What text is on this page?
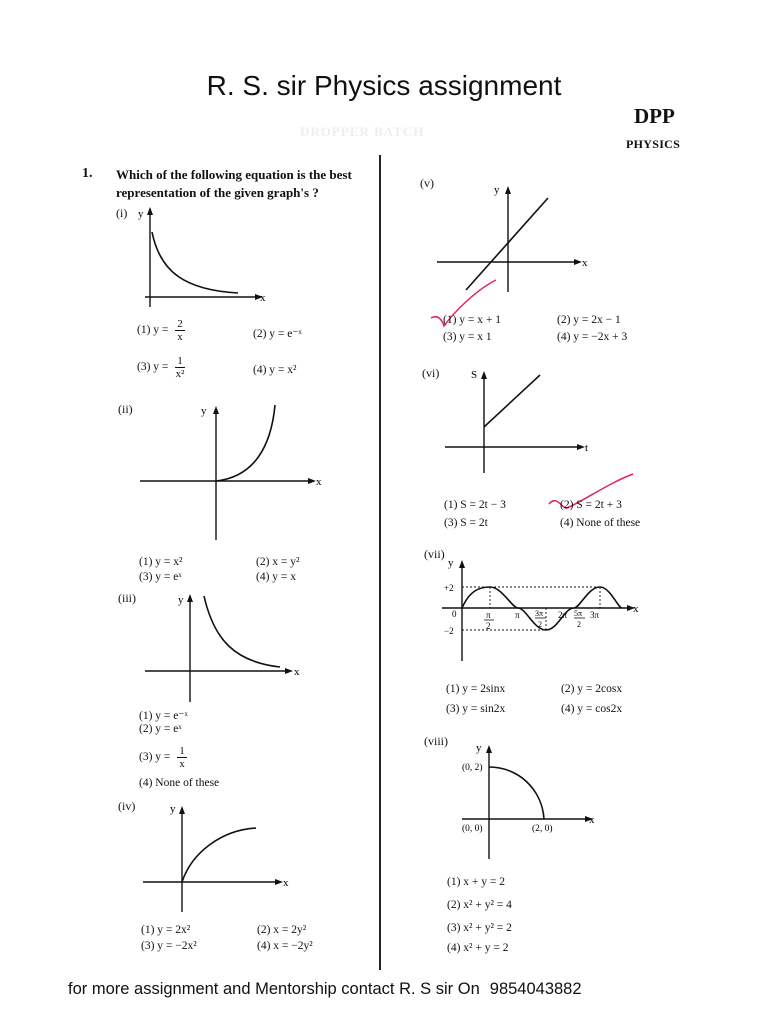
DROPPER BATCH
R. S. sir Physics assignment
DPP
PHYSICS
1. Which of the following equation is the best representation of the given graph's ?
(i) y
x
(1) $y = \frac{2}{x}$	(2) y = e⁻ˣ
(3) $y = \frac{1}{\text{x²}}$	(4) y = x²
(ii)	y
x
(1) y = x²	(2) x = y²
(3) y = eˣ	(4) y = x
(iii)	y
x
(1) y = e⁻ˣ
(2) y = eˣ
(3) $y = \frac{1}{x}$
(4) None of these
(iv)	y
x
(1) y = 2x²	(2) x = 2y²
(3) y = −2x²	(4) x = −2y²
(v)	y
x
(1) y = x + 1	(2) y = 2x − 1
(3) y = x 1	(4) y = −2x + 3
(vi)	S
t
(1) S = 2t − 3	(2) S = 2t + 3
(3) S = 2t	(4) None of these
(vii)
y
x
+2
0
−2
π
2
π 3π
2
2π 5π
2
3π
(1) y = 2sinx	(2) y = 2cosx
(3) y = sin2x	(4) y = cos2x
(viii)	y
x
(0, 2)
(0, 0)	(2, 0)
(1) x + y = 2
(2) x² + y² = 4
(3) x² + y² = 2
(4) x² + y = 2
for more assignment and Mentorship contact R. S sir On 9854043882
